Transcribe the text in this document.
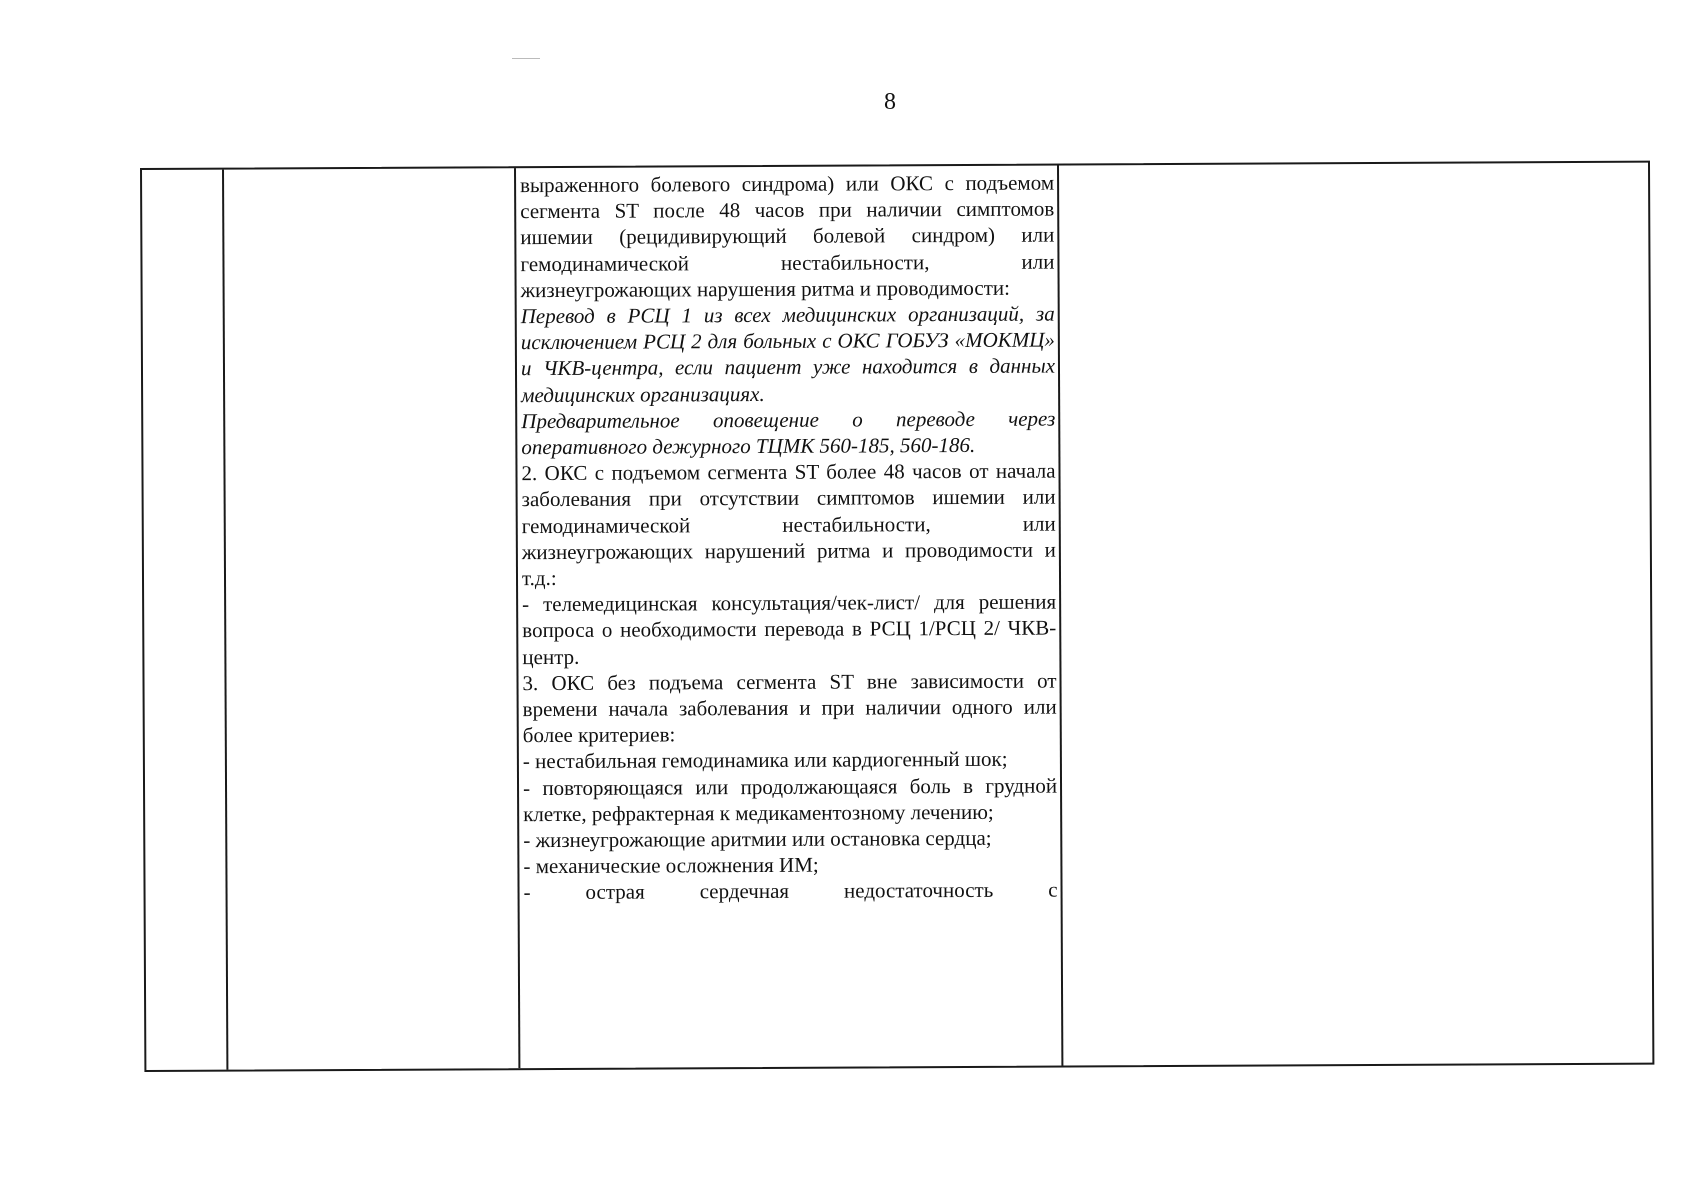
8

выраженного болевого синдрома) или ОКС с подъемом сегмента ST после 48 часов при наличии симптомов ишемии (рецидивирующий болевой синдром) или гемодинамической нестабильности, или жизнеугрожающих нарушения ритма и проводимости:

Перевод в РСЦ 1 из всех медицинских организаций, за исключением РСЦ 2 для больных с ОКС ГОБУЗ «МОКМЦ» и ЧКВ-центра, если пациент уже находится в данных медицинских организациях.

Предварительное оповещение о переводе через оперативного дежурного ТЦМК 560-185, 560-186.

2. ОКС с подъемом сегмента ST более 48 часов от начала заболевания при отсутствии симптомов ишемии или гемодинамической нестабильности, или жизнеугрожающих нарушений ритма и проводимости и т.д.:

- телемедицинская консультация/чек-лист/ для решения вопроса о необходимости перевода в РСЦ 1/РСЦ 2/ ЧКВ-центр.

3. ОКС без подъема сегмента ST вне зависимости от времени начала заболевания и при наличии одного или более критериев:

- нестабильная гемодинамика или кардиогенный шок;

- повторяющаяся или продолжающаяся боль в грудной клетке, рефрактерная к медикаментозному лечению;

- жизнеугрожающие аритмии или остановка сердца;

- механические осложнения ИМ;

- острая сердечная недостаточность с
